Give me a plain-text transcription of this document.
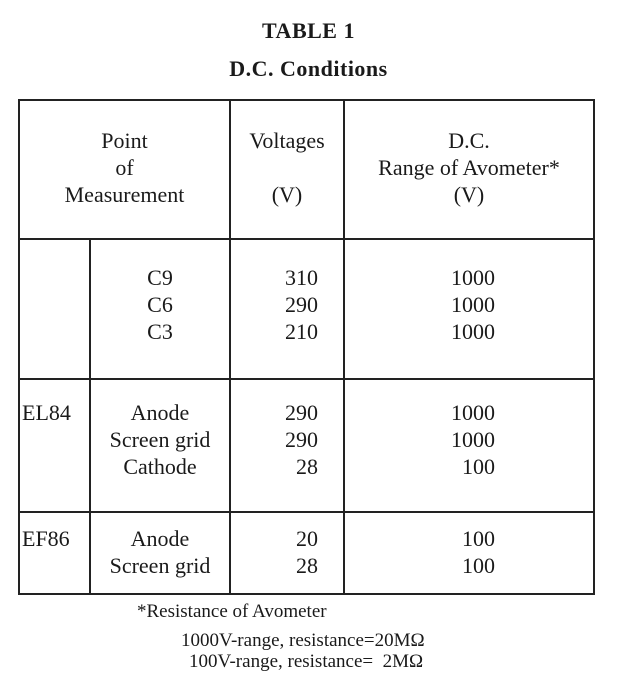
TABLE 1
D.C. Conditions
Point
of
Measurement
Voltages
(V)
D.C.
Range of Avometer*
(V)
C9
C6
C3
310
290
210
1000
1000
1000
EL84	Anode
Screen grid
Cathode
290
290
28
1000
1000
100
EF86	Anode
Screen grid
20
28
100
100
*Resistance of Avometer
1000V-range, resistance=20MΩ
100V-range, resistance=  2MΩ
